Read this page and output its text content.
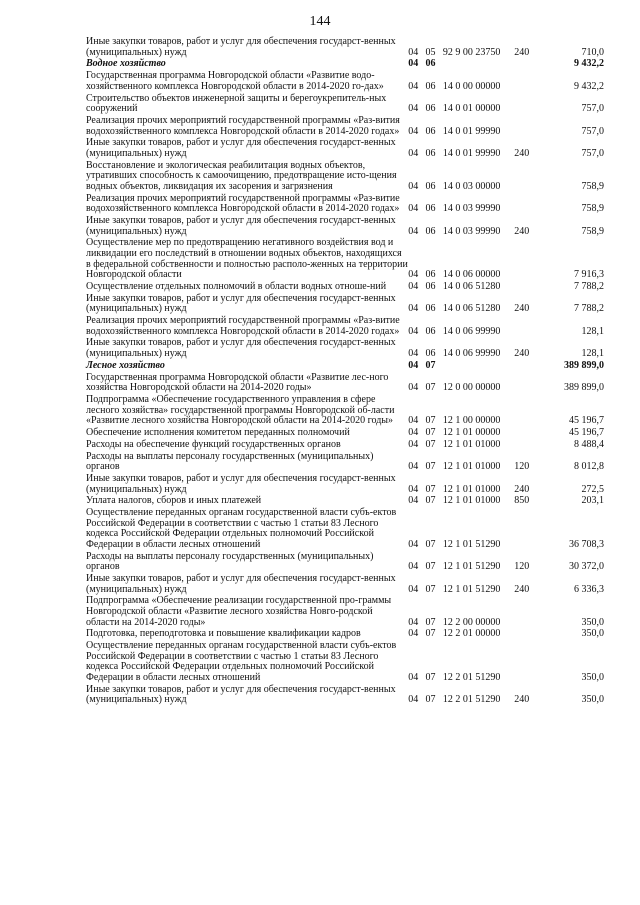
144
Иные закупки товаров, работ и услуг для обеспечения государст-венных (муниципальных) нужд	04	05	92 9 00 23750	240	710,0
Водное хозяйство	04	06			9 432,2
Государственная программа Новгородской области «Развитие водо-хозяйственного комплекса Новгородской области в 2014-2020 го-дах»	04	06	14 0 00 00000		9 432,2
Строительство объектов инженерной защиты и берегоукрепитель-ных сооружений	04	06	14 0 01 00000		757,0
Реализация прочих мероприятий государственной программы «Раз-вития водохозяйственного комплекса Новгородской области в 2014-2020 годах»	04	06	14 0 01 99990		757,0
Иные закупки товаров, работ и услуг для обеспечения государст-венных (муниципальных) нужд	04	06	14 0 01 99990	240	757,0
Восстановление и экологическая реабилитация водных объектов, утративших способность к самоочищению, предотвращение исто-щения водных объектов, ликвидация их засорения и загрязнения	04	06	14 0 03 00000		758,9
Реализация прочих мероприятий государственной программы «Раз-витие водохозяйственного комплекса Новгородской области в 2014-2020 годах»	04	06	14 0 03 99990		758,9
Иные закупки товаров, работ и услуг для обеспечения государст-венных (муниципальных) нужд	04	06	14 0 03 99990	240	758,9
Осуществление мер по предотвращению негативного воздействия вод и ликвидации его последствий в отношении водных объектов, находящихся в федеральной собственности и полностью располо-женных на территории Новгородской области	04	06	14 0 06 00000		7 916,3
Осуществление отдельных полномочий в области водных отноше-ний	04	06	14 0 06 51280		7 788,2
Иные закупки товаров, работ и услуг для обеспечения государст-венных (муниципальных) нужд	04	06	14 0 06 51280	240	7 788,2
Реализация прочих мероприятий государственной программы «Раз-витие водохозяйственного комплекса Новгородской области в 2014-2020 годах»	04	06	14 0 06 99990		128,1
Иные закупки товаров, работ и услуг для обеспечения государст-венных (муниципальных) нужд	04	06	14 0 06 99990	240	128,1
Лесное хозяйство	04	07			389 899,0
Государственная программа Новгородской области «Развитие лес-ного хозяйства Новгородской области на 2014-2020 годы»	04	07	12 0 00 00000		389 899,0
Подпрограмма «Обеспечение государственного управления в сфере лесного хозяйства» государственной программы Новгородской об-ласти «Развитие лесного хозяйства Новгородской области на 2014-2020 годы»	04	07	12 1 00 00000		45 196,7
Обеспечение исполнения комитетом переданных полномочий	04	07	12 1 01 00000		45 196,7
Расходы на обеспечение функций государственных органов	04	07	12 1 01 01000		8 488,4
Расходы на выплаты персоналу государственных (муниципальных) органов	04	07	12 1 01 01000	120	8 012,8
Иные закупки товаров, работ и услуг для обеспечения государст-венных (муниципальных) нужд	04	07	12 1 01 01000	240	272,5
Уплата налогов, сборов и иных платежей	04	07	12 1 01 01000	850	203,1
Осуществление переданных органам государственной власти субъ-ектов Российской Федерации в соответствии с частью 1 статьи 83 Лесного кодекса Российской Федерации отдельных полномочий Российской Федерации в области лесных отношений	04	07	12 1 01 51290		36 708,3
Расходы на выплаты персоналу государственных (муниципальных) органов	04	07	12 1 01 51290	120	30 372,0
Иные закупки товаров, работ и услуг для обеспечения государст-венных (муниципальных) нужд	04	07	12 1 01 51290	240	6 336,3
Подпрограмма «Обеспечение реализации государственной про-граммы Новгородской области «Развитие лесного хозяйства Новго-родской области на 2014-2020 годы»	04	07	12 2 00 00000		350,0
Подготовка, переподготовка и повышение квалификации кадров	04	07	12 2 01 00000		350,0
Осуществление переданных органам государственной власти субъ-ектов Российской Федерации в соответствии с частью 1 статьи 83 Лесного кодекса Российской Федерации отдельных полномочий Российской Федерации в области лесных отношений	04	07	12 2 01 51290		350,0
Иные закупки товаров, работ и услуг для обеспечения государст-венных (муниципальных) нужд	04	07	12 2 01 51290	240	350,0
